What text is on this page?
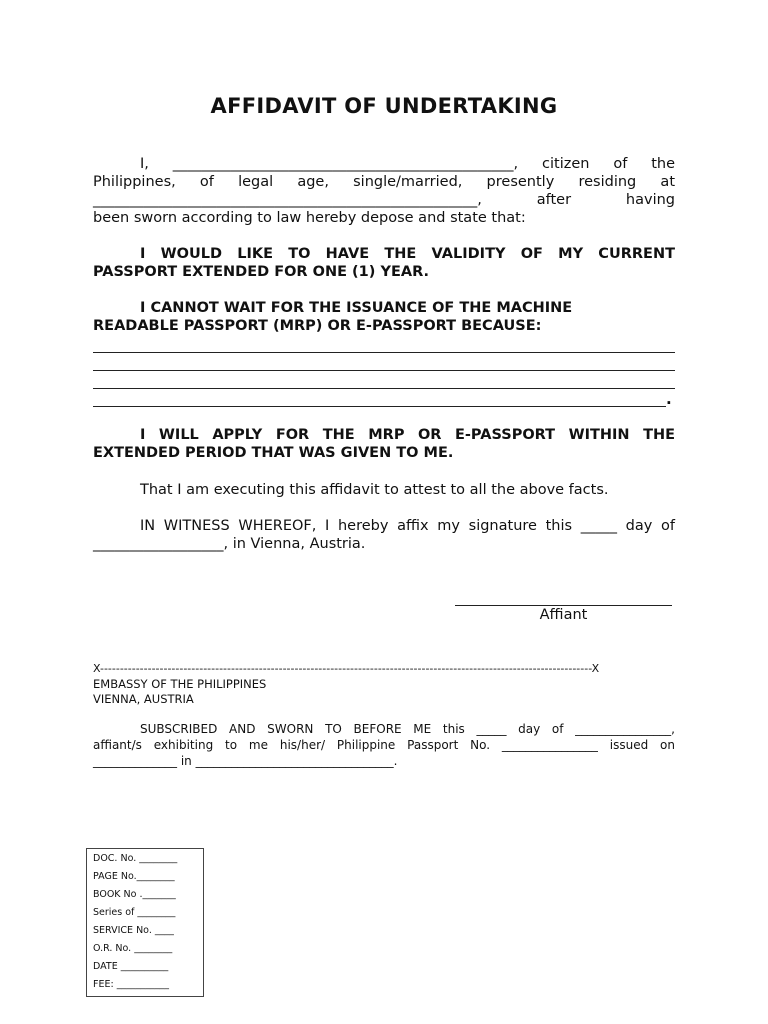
AFFIDAVIT OF UNDERTAKING
I, _______________________________________________, citizen of the
Philippines, of legal age, single/married, presently residing at
_____________________________________________________, after having
been sworn according to law hereby depose and state that:
I WOULD LIKE TO HAVE THE VALIDITY OF MY CURRENT
PASSPORT EXTENDED FOR ONE (1) YEAR.
I CANNOT WAIT FOR THE ISSUANCE OF THE MACHINE
READABLE PASSPORT (MRP) OR E-PASSPORT BECAUSE:
.
I WILL APPLY FOR THE MRP OR E-PASSPORT WITHIN THE
EXTENDED PERIOD THAT WAS GIVEN TO ME.
That I am executing this affidavit to attest to all the above facts.
IN WITNESS WHEREOF, I hereby affix my signature this _____ day of
__________________, in Vienna, Austria.
Affiant
X----------------------------------------------------------------------------------------------------------------------------X
EMBASSY OF THE PHILIPPINES
VIENNA, AUSTRIA
SUBSCRIBED AND SWORN TO BEFORE ME this _____ day of ________________,
affiant/s exhibiting to me his/her/ Philippine Passport No. ________________ issued on
______________ in _________________________________.
DOC. No. ________
PAGE No.________
BOOK No ._______
Series of ________
SERVICE No. ____
O.R. No. ________
DATE __________
FEE: ___________
